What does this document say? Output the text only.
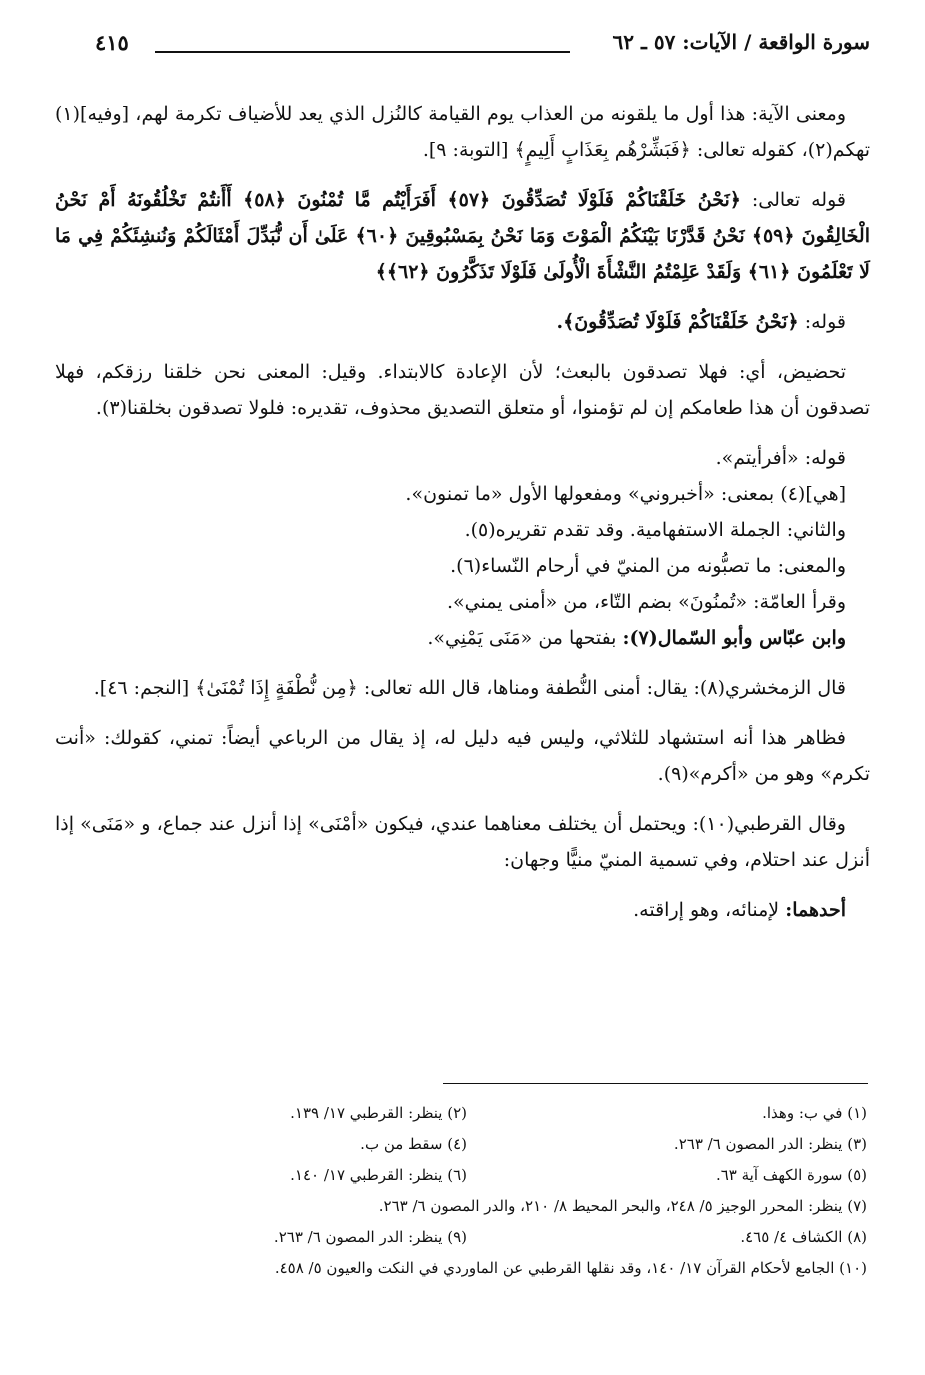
سورة الواقعة / الآيات: ٥٧ ـ ٦٢
٤١٥

ومعنى الآية: هذا أول ما يلقونه من العذاب يوم القيامة كالنُزل الذي يعد للأضياف تكرمة لهم، [وفيه](١) تهكم(٢)، كقوله تعالى: ﴿فَبَشِّرْهُم بِعَذَابٍ أَلِيمٍ﴾ [التوبة: ٩].

قوله تعالى: ﴿نَحْنُ خَلَقْنَاكُمْ فَلَوْلَا تُصَدِّقُونَ ﴿٥٧﴾ أَفَرَأَيْتُم مَّا تُمْنُونَ ﴿٥٨﴾ أَأَنتُمْ تَخْلُقُونَهُ أَمْ نَحْنُ الْخَالِقُونَ ﴿٥٩﴾ نَحْنُ قَدَّرْنَا بَيْنَكُمُ الْمَوْتَ وَمَا نَحْنُ بِمَسْبُوقِينَ ﴿٦٠﴾ عَلَىٰ أَن نُّبَدِّلَ أَمْثَالَكُمْ وَنُنشِئَكُمْ فِي مَا لَا تَعْلَمُونَ ﴿٦١﴾ وَلَقَدْ عَلِمْتُمُ النَّشْأَةَ الْأُولَىٰ فَلَوْلَا تَذَكَّرُونَ ﴿٦٢﴾﴾

قوله: ﴿نَحْنُ خَلَقْنَاكُمْ فَلَوْلَا تُصَدِّقُونَ﴾.

تحضيض، أي: فهلا تصدقون بالبعث؛ لأن الإعادة كالابتداء. وقيل: المعنى نحن خلقنا رزقكم، فهلا تصدقون أن هذا طعامكم إن لم تؤمنوا، أو متعلق التصديق محذوف، تقديره: فلولا تصدقون بخلقنا(٣).

قوله: «أفرأيتم».
[هي](٤) بمعنى: «أخبروني» ومفعولها الأول «ما تمنون».
والثاني: الجملة الاستفهامية. وقد تقدم تقريره(٥).
والمعنى: ما تصبُّونه من المنيّ في أرحام النّساء(٦).
وقرأ العامّة: «تُمنُونَ» بضم التّاء، من «أمنى يمني».
وابن عبّاس وأبو السّمال(٧): بفتحها من «مَنَى يَمْنِي».

قال الزمخشري(٨): يقال: أمنى النُّطفة ومناها، قال الله تعالى: ﴿مِن نُّطْفَةٍ إِذَا تُمْنَىٰ﴾ [النجم: ٤٦].

فظاهر هذا أنه استشهاد للثلاثي، وليس فيه دليل له، إذ يقال من الرباعي أيضاً: تمني، كقولك: «أنت تكرم» وهو من «أكرم»(٩).

وقال القرطبي(١٠): ويحتمل أن يختلف معناهما عندي، فيكون «أمْنَى» إذا أنزل عند جماع، و «مَنَى» إذا أنزل عند احتلام، وفي تسمية المنيّ منيًّا وجهان:

أحدهما: لإمنائه، وهو إراقته.

(١) في ب: وهذا.
(٢) ينظر: القرطبي ١٧/ ١٣٩.
(٣) ينظر: الدر المصون ٦/ ٢٦٣.
(٤) سقط من ب.
(٥) سورة الكهف آية ٦٣.
(٦) ينظر: القرطبي ١٧/ ١٤٠.
(٧) ينظر: المحرر الوجيز ٥/ ٢٤٨، والبحر المحيط ٨/ ٢١٠، والدر المصون ٦/ ٢٦٣.
(٨) الكشاف ٤/ ٤٦٥.
(٩) ينظر: الدر المصون ٦/ ٢٦٣.
(١٠) الجامع لأحكام القرآن ١٧/ ١٤٠، وقد نقلها القرطبي عن الماوردي في النكت والعيون ٥/ ٤٥٨.
